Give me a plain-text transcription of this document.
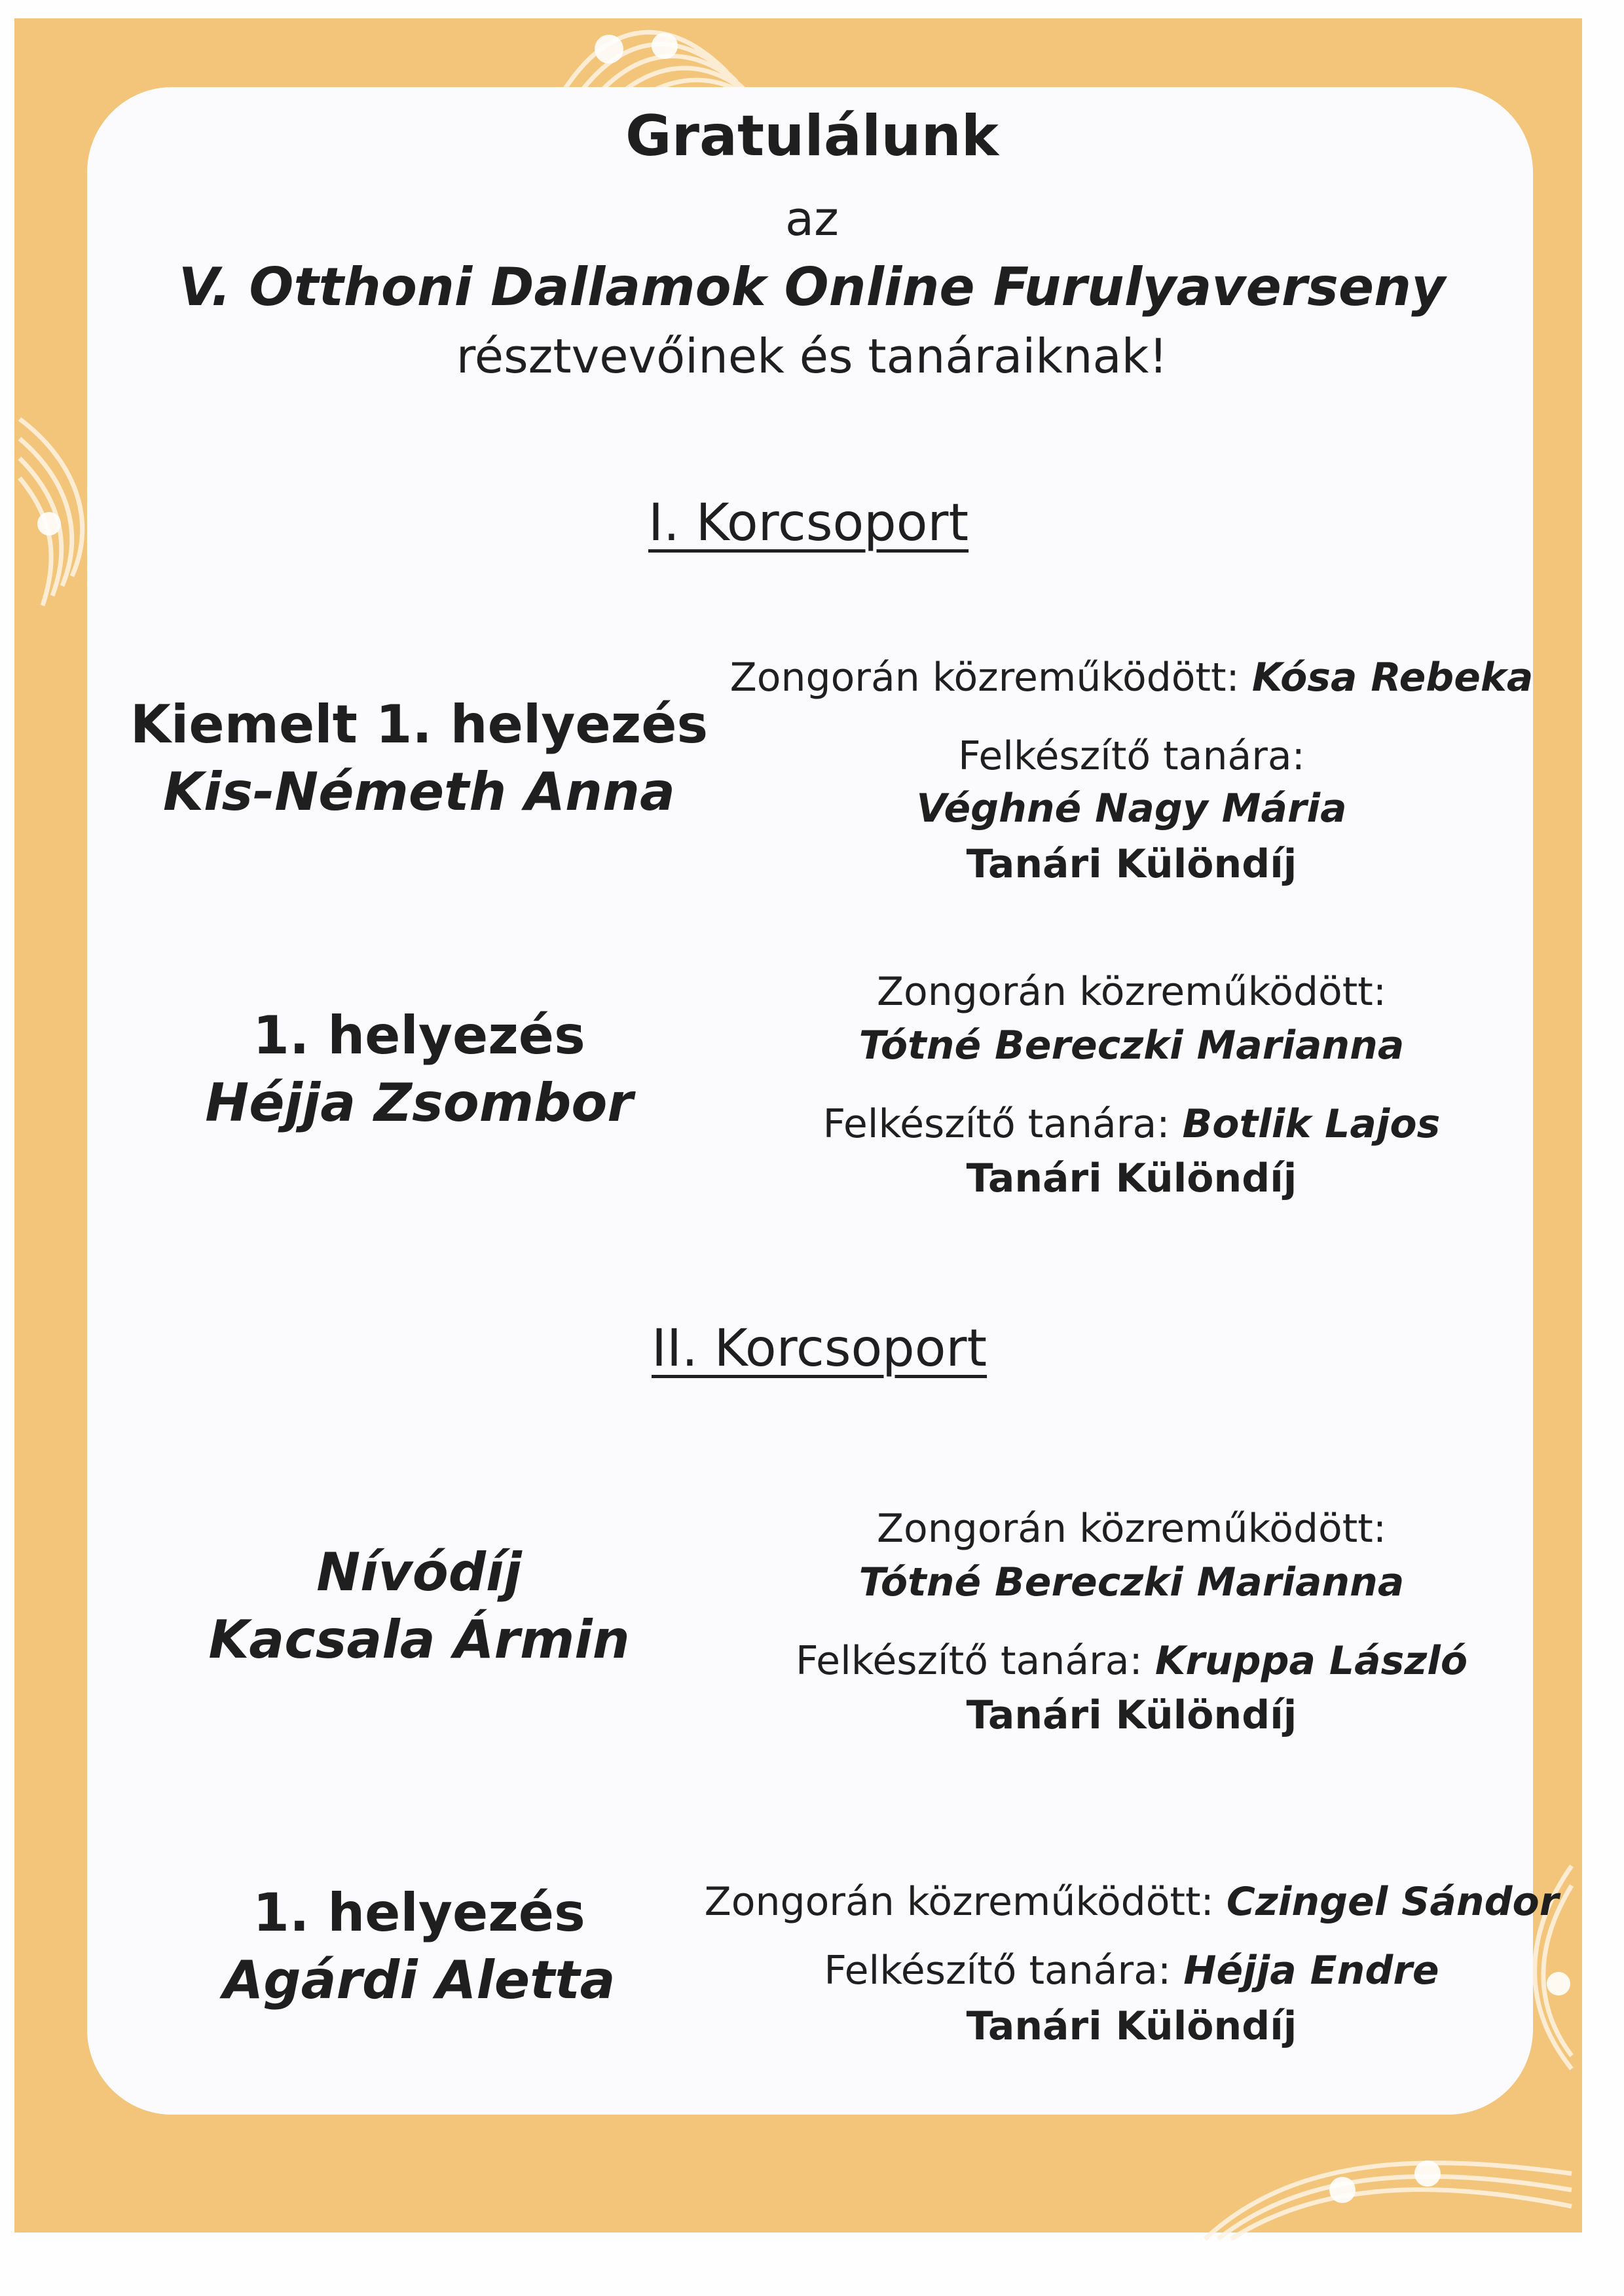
Gratulálunk
az
V. Otthoni Dallamok Online Furulyaverseny
résztvevőinek és tanáraiknak!
I. Korcsoport
Kiemelt 1. helyezés
Kis-Németh Anna
Zongorán közreműködött: Kósa Rebeka
Felkészítő tanára:
Véghné Nagy Mária
Tanári Különdíj
1. helyezés
Héjja Zsombor
Zongorán közreműködött:
Tótné Bereczki Marianna
Felkészítő tanára: Botlik Lajos
Tanári Különdíj
II. Korcsoport
Nívódíj
Kacsala Ármin
Zongorán közreműködött:
Tótné Bereczki Marianna
Felkészítő tanára: Kruppa László
Tanári Különdíj
1. helyezés
Agárdi Aletta
Zongorán közreműködött: Czingel Sándor
Felkészítő tanára: Héjja Endre
Tanári Különdíj
